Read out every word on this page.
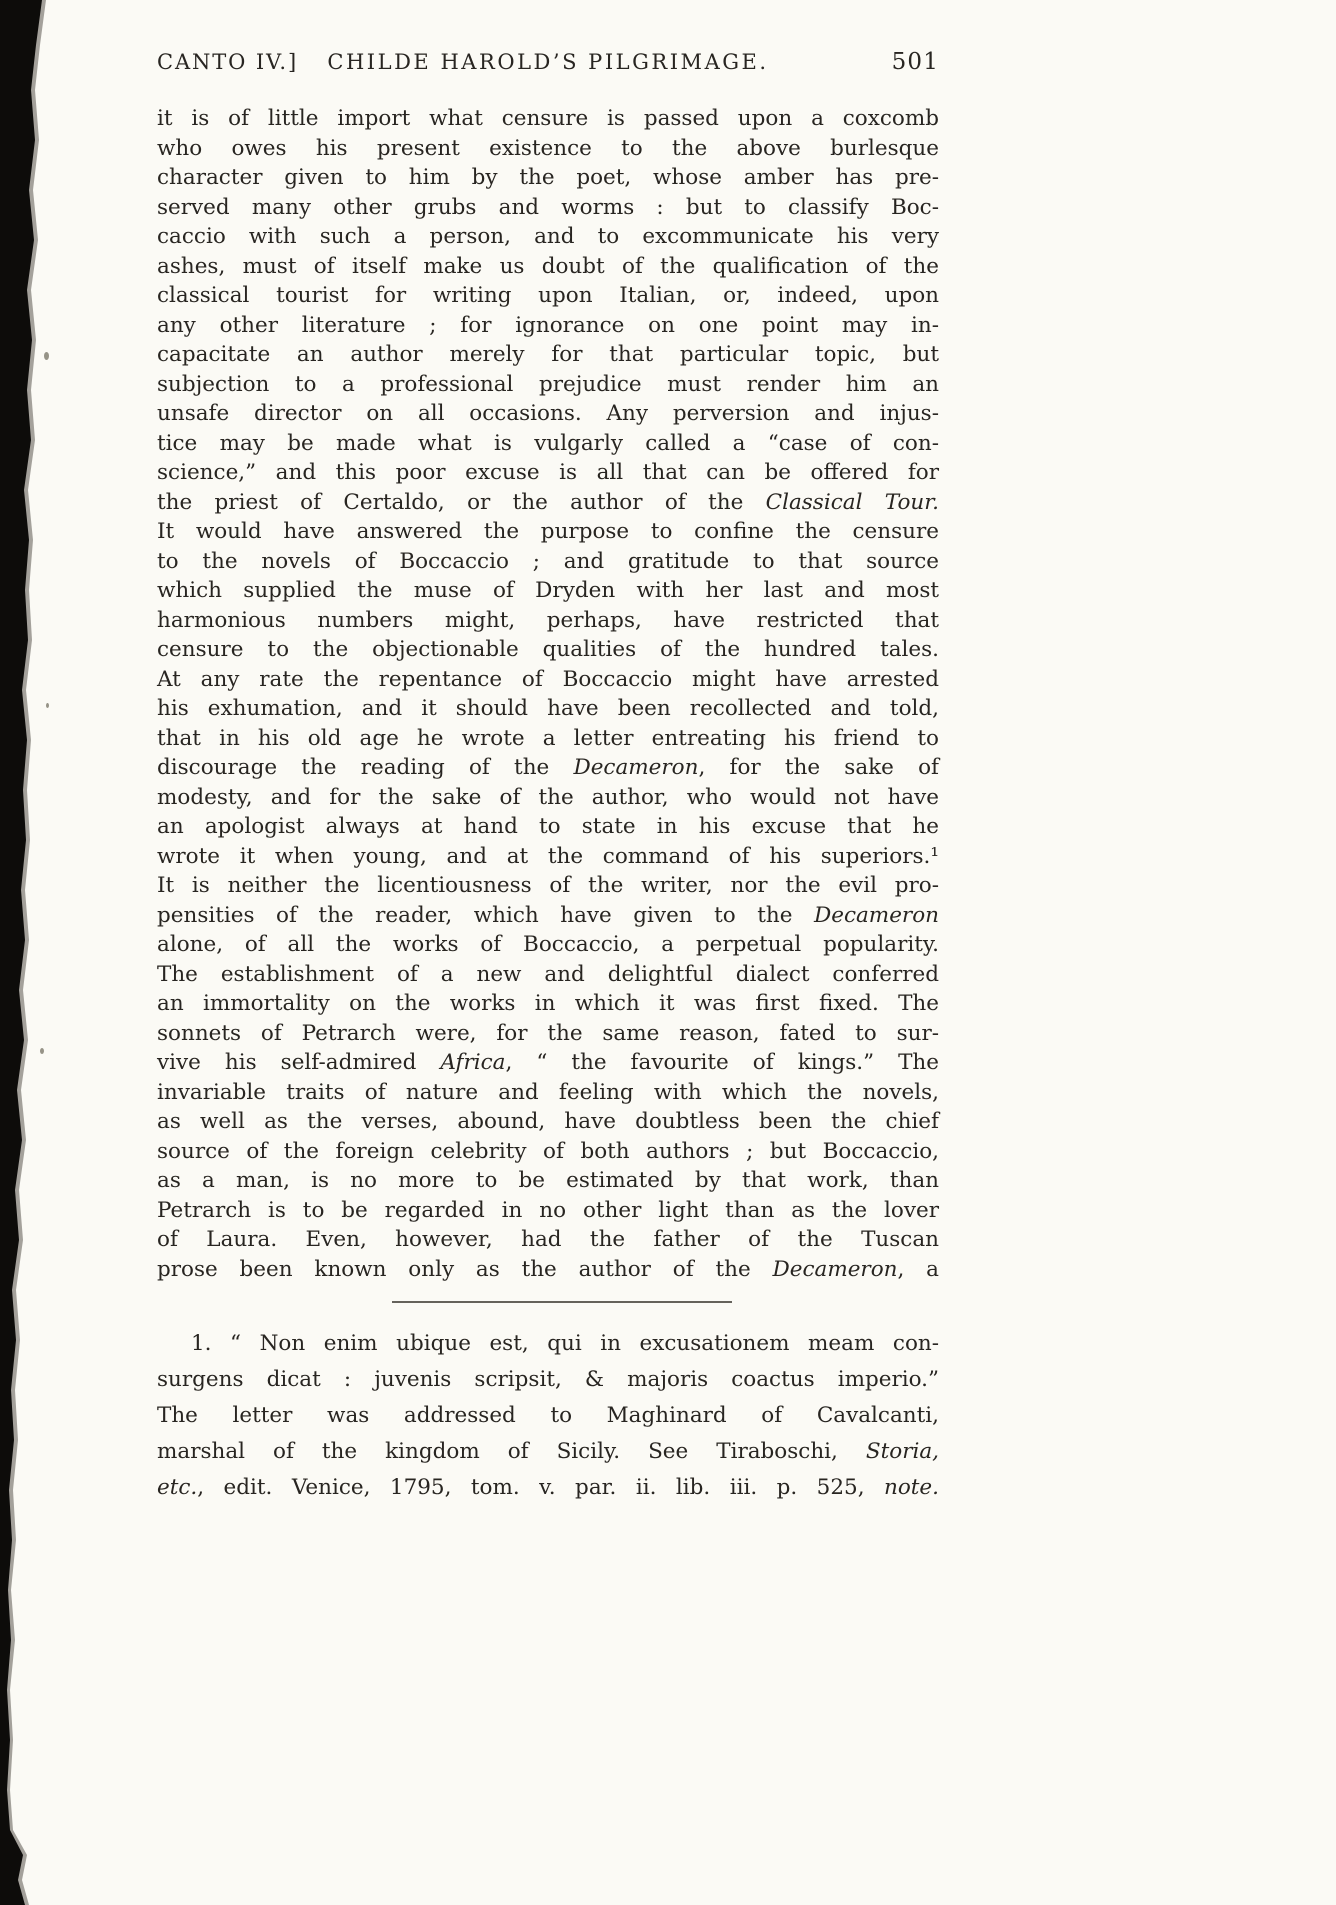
CANTO IV.]	CHILDE HAROLD’S PILGRIMAGE.	501
it is of little import what censure is passed upon a coxcomb
who owes his present existence to the above burlesque
character given to him by the poet, whose amber has pre-
served many other grubs and worms : but to classify Boc-
caccio with such a person, and to excommunicate his very
ashes, must of itself make us doubt of the qualification of the
classical tourist for writing upon Italian, or, indeed, upon
any other literature ; for ignorance on one point may in-
capacitate an author merely for that particular topic, but
subjection to a professional prejudice must render him an
unsafe director on all occasions. Any perversion and injus-
tice may be made what is vulgarly called a “case of con-
science,” and this poor excuse is all that can be offered for
the priest of Certaldo, or the author of the Classical Tour.
It would have answered the purpose to confine the censure
to the novels of Boccaccio ; and gratitude to that source
which supplied the muse of Dryden with her last and most
harmonious numbers might, perhaps, have restricted that
censure to the objectionable qualities of the hundred tales.
At any rate the repentance of Boccaccio might have arrested
his exhumation, and it should have been recollected and told,
that in his old age he wrote a letter entreating his friend to
discourage the reading of the Decameron, for the sake of
modesty, and for the sake of the author, who would not have
an apologist always at hand to state in his excuse that he
wrote it when young, and at the command of his superiors.¹
It is neither the licentiousness of the writer, nor the evil pro-
pensities of the reader, which have given to the Decameron
alone, of all the works of Boccaccio, a perpetual popularity.
The establishment of a new and delightful dialect conferred
an immortality on the works in which it was first fixed. The
sonnets of Petrarch were, for the same reason, fated to sur-
vive his self-admired Africa, “ the favourite of kings.” The
invariable traits of nature and feeling with which the novels,
as well as the verses, abound, have doubtless been the chief
source of the foreign celebrity of both authors ; but Boccaccio,
as a man, is no more to be estimated by that work, than
Petrarch is to be regarded in no other light than as the lover
of Laura. Even, however, had the father of the Tuscan
prose been known only as the author of the Decameron, a
1. “ Non enim ubique est, qui in excusationem meam con-
surgens dicat : juvenis scripsit, & majoris coactus imperio.”
The letter was addressed to Maghinard of Cavalcanti,
marshal of the kingdom of Sicily. See Tiraboschi, Storia,
etc., edit. Venice, 1795, tom. v. par. ii. lib. iii. p. 525, note.
